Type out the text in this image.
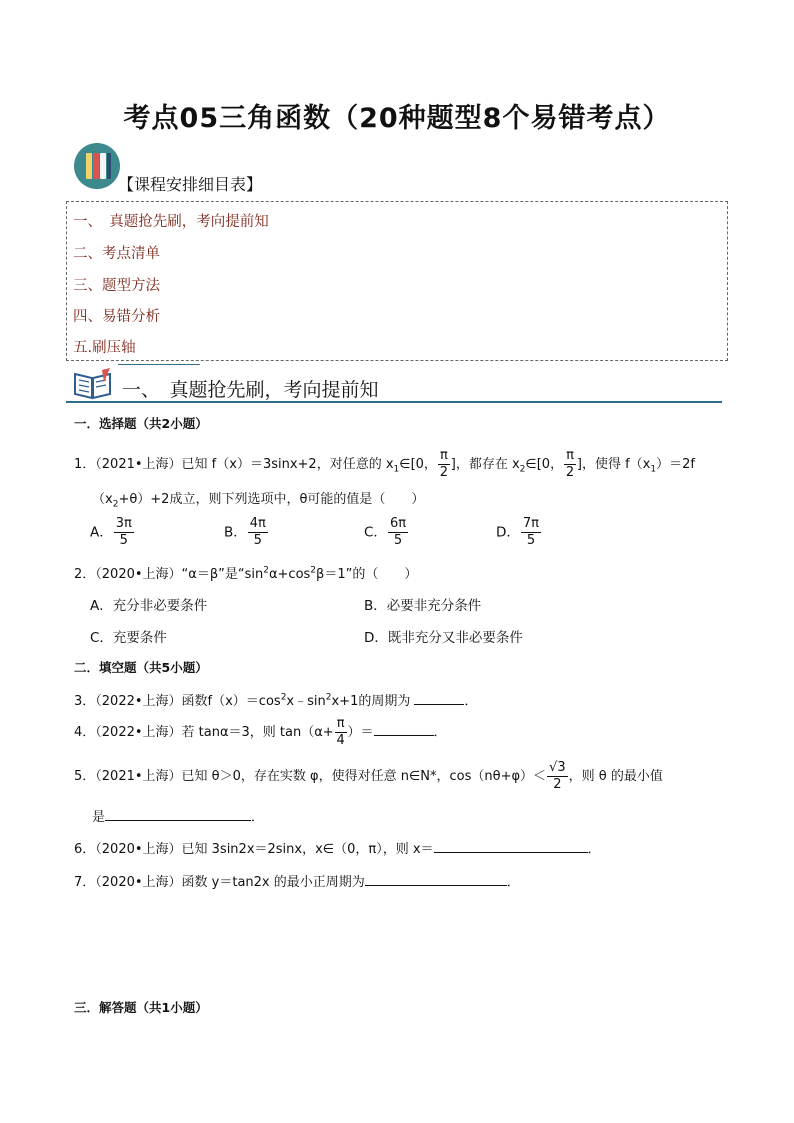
考点05三角函数（20种题型8个易错考点）
【课程安排细目表】
一、　真题抢先刷，考向提前知
二、考点清单
三、题型方法
四、易错分析
五.刷压轴
一、　真题抢先刷，考向提前知
一．选择题（共2小题）
1．（2021•上海）已知 f（x）＝3sinx+2，对任意的 $x_1\in[0$， $\frac{\pi}{2}$ ]，都存在 $x_2\in[0$， $\frac{\pi}{2}$ ]，使得 $f(x_1)=2f$
$(x_2+\theta)+2$成立，则下列选项中，θ可能的值是（　　）
A． $\frac{3\pi}{5}$	B． $\frac{4\pi}{5}$	C． $\frac{6\pi}{5}$	D． $\frac{7\pi}{5}$
2．（2020•上海）“α＝β”是“$\sin^2\alpha+\cos^2\beta=1$”的（　　）
A．充分非必要条件	B．必要非充分条件
C．充要条件	D．既非充分又非必要条件
二．填空题（共5小题）
3．（2022•上海）函数$f(x)=\cos^2x﹣\sin^2x+1$的周期为	．
4．（2022•上海）若 tanα＝3，则 $\tan(\alpha+ \frac{\pi}{4}$ ）＝	．
5．（2021•上海）已知 θ＞0，存在实数 φ，使得对任意 n∈N*，$\cos(n\theta+\varphi)< \frac{√3}{2}$ ，则 θ 的最小值
是	．
6．（2020•上海）已知 3sin2x＝2sinx，x∈（0，π），则 x＝	．
7．（2020•上海）函数 y＝tan2x 的最小正周期为	．
三．解答题（共1小题）
